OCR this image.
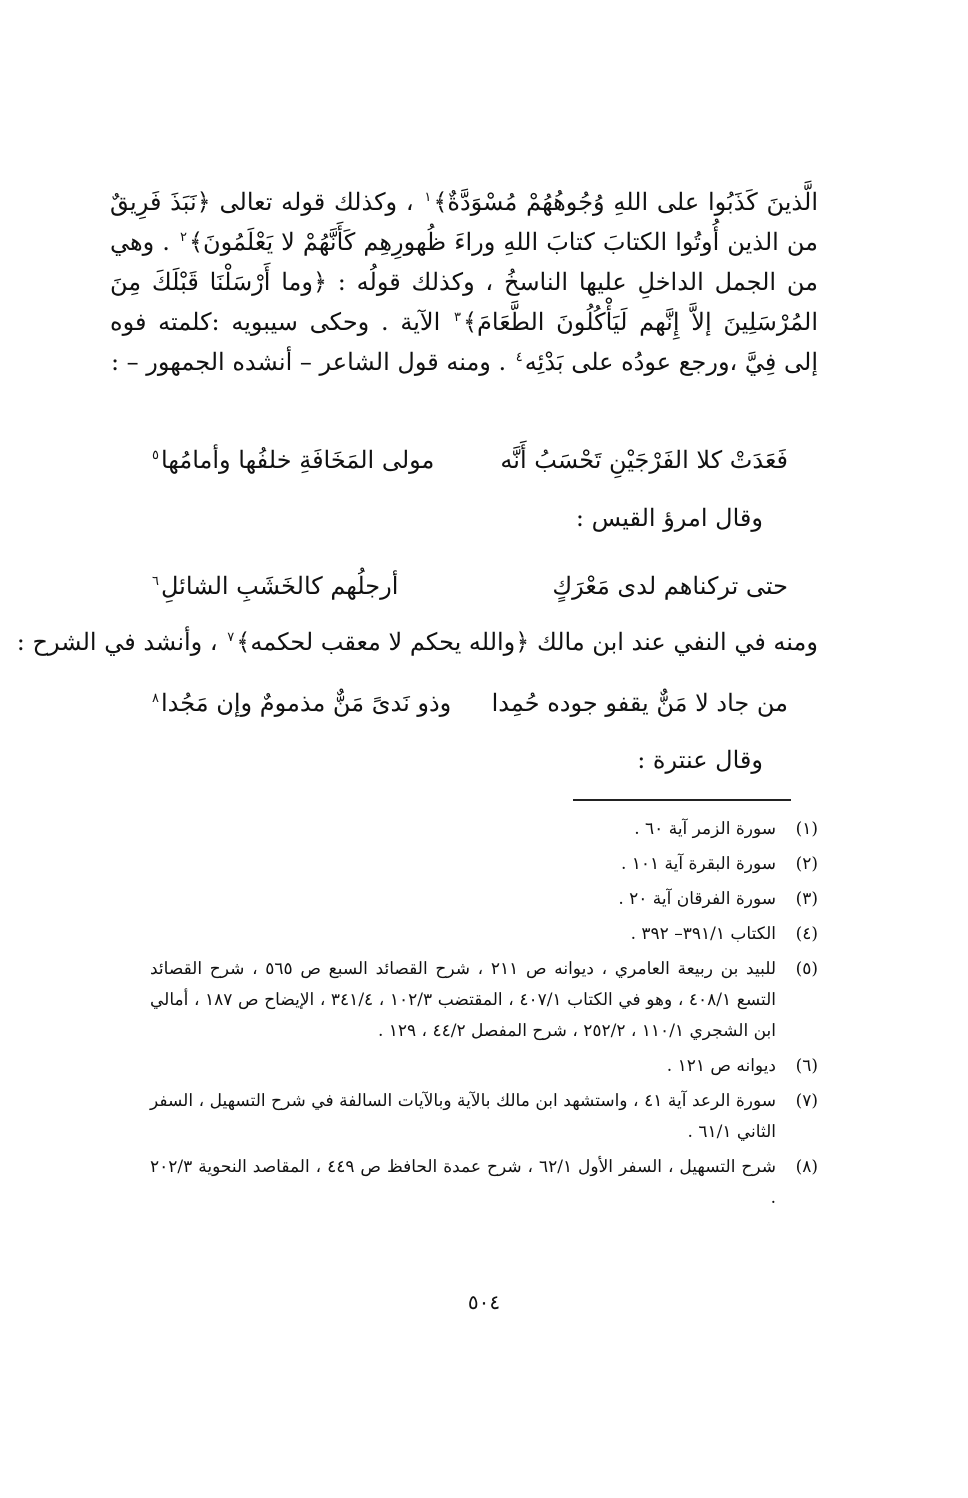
الَّذينَ كَذَبُوا على اللهِ وُجُوهُهُمْ مُسْوَدَّةٌ﴾$^١$ ، وكذلك قوله تعالى ﴿نَبَذَ فَرِيقٌ من الذين أُوتُوا الكتابَ كتابَ اللهِ وراءَ ظُهورِهِم كَأَنَّهُمْ لا يَعْلَمُونَ﴾$^٢$ . وهي من الجمل الداخلِ عليها الناسخُ ، وكذلك قولُه : ﴿وما أَرْسَلْنَا قَبْلَكَ مِنَ المُرْسَلِينَ إلاَّ إِنَّهم لَيَأْكُلُونَ الطَّعَامَ﴾$^٣$ الآية . وحكى سيبويه :كلمته فوه إلى فِيَّ ،ورجع عودُه على بَدْئِه$^٤$ . ومنه قول الشاعر – أنشده الجمهور – :

فَعَدَتْ كلا الفَرْجَيْنِ تَحْسَبُ أَنَّه
مولى المَخَافَةِ خلفُها وأمامُها$^٥$
وقال امرؤ القيس :
حتى تركناهم لدى مَعْرَكٍ
أرجلُهم كالخَشَبِ الشائلِ$^٦$
ومنه في النفي عند ابن مالك ﴿والله يحكم لا معقب لحكمه﴾$^٧$ ، وأنشد في الشرح :
من جاد لا مَنٌّ يقفو جوده حُمِدا
وذو نَدىً مَنٌّ مذمومٌ وإن مَجُدا$^٨$
وقال عنترة :
(١)
سورة الزمر آية ٦٠ .
(٢)
سورة البقرة آية ١٠١ .
(٣)
سورة الفرقان آية ٢٠ .
(٤)
الكتاب ٣٩١/١– ٣٩٢ .
(٥)
للبيد بن ربيعة العامري ، ديوانه ص ٢١١ ، شرح القصائد السبع ص ٥٦٥ ، شرح القصائد التسع ٤٠٨/١ ، وهو في الكتاب ٤٠٧/١ ، المقتضب ١٠٢/٣ ، ٣٤١/٤ ، الإيضاح ص ١٨٧ ، أمالي ابن الشجري ١١٠/١ ، ٢٥٢/٢ ، شرح المفصل ٤٤/٢ ، ١٢٩ .
(٦)
ديوانه ص ١٢١ .
(٧)
سورة الرعد آية ٤١ ، واستشهد ابن مالك بالآية وبالآيات السالفة في شرح التسهيل ، السفر الثاني ٦١/١ .
(٨)
شرح التسهيل ، السفر الأول ٦٢/١ ، شرح عمدة الحافظ ص ٤٤٩ ، المقاصد النحوية ٢٠٢/٣ .
٥٠٤
